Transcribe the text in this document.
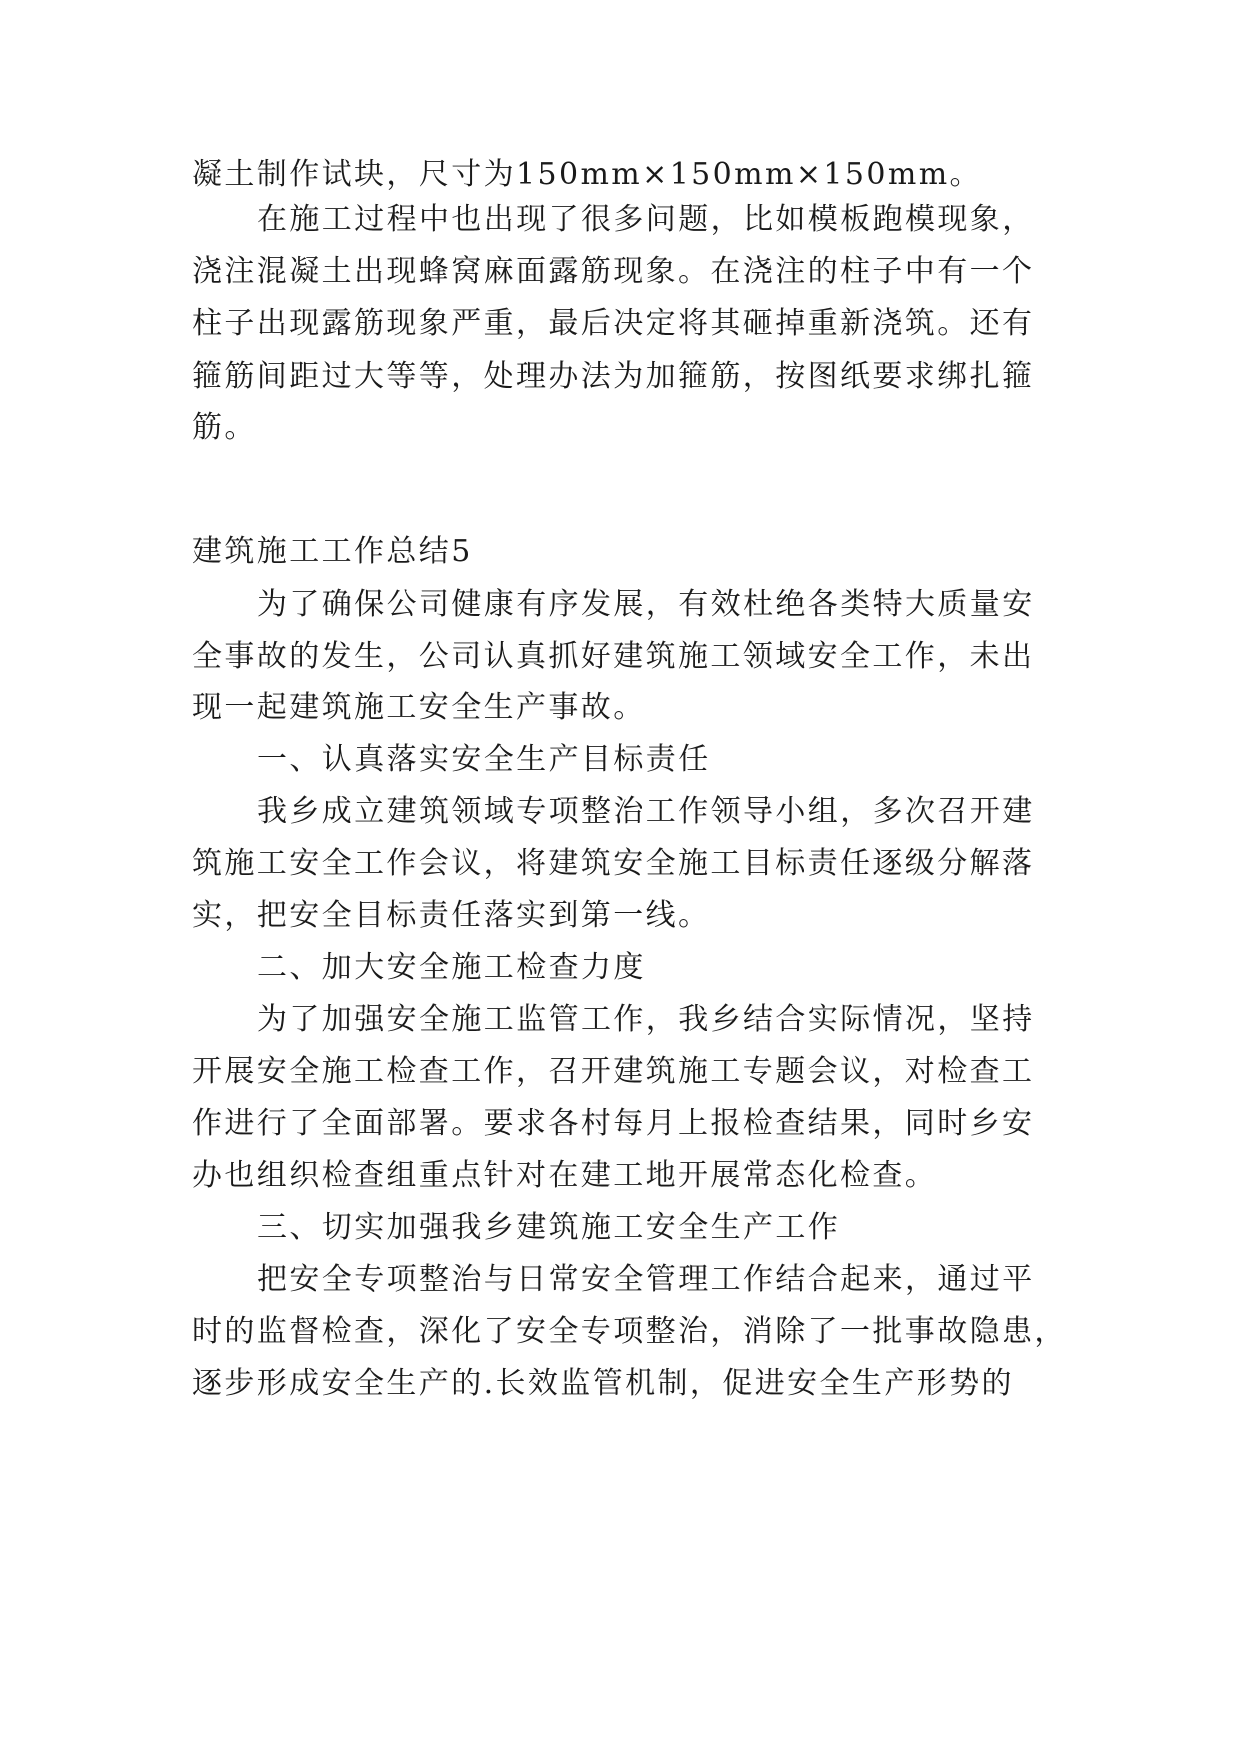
凝土制作试块，尺寸为150mm×150mm×150mm。
在施工过程中也出现了很多问题，比如模板跑模现象，
浇注混凝土出现蜂窝麻面露筋现象。在浇注的柱子中有一个
柱子出现露筋现象严重，最后决定将其砸掉重新浇筑。还有
箍筋间距过大等等，处理办法为加箍筋，按图纸要求绑扎箍
筋。
建筑施工工作总结5
为了确保公司健康有序发展，有效杜绝各类特大质量安
全事故的发生，公司认真抓好建筑施工领域安全工作，未出
现一起建筑施工安全生产事故。
一、认真落实安全生产目标责任
我乡成立建筑领域专项整治工作领导小组，多次召开建
筑施工安全工作会议，将建筑安全施工目标责任逐级分解落
实，把安全目标责任落实到第一线。
二、加大安全施工检查力度
为了加强安全施工监管工作，我乡结合实际情况，坚持
开展安全施工检查工作，召开建筑施工专题会议，对检查工
作进行了全面部署。要求各村每月上报检查结果，同时乡安
办也组织检查组重点针对在建工地开展常态化检查。
三、切实加强我乡建筑施工安全生产工作
把安全专项整治与日常安全管理工作结合起来，通过平
时的监督检查，深化了安全专项整治，消除了一批事故隐患，
逐步形成安全生产的.长效监管机制，促进安全生产形势的
